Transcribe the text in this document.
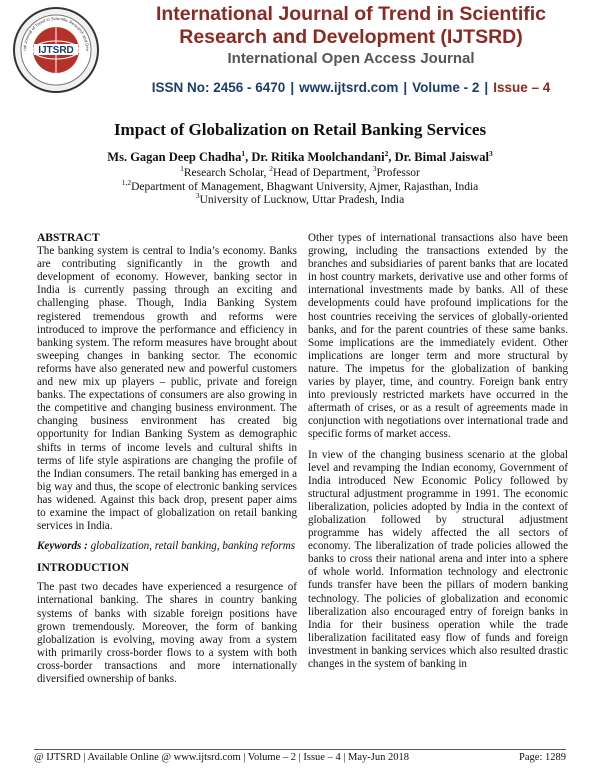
IJTSRD
nal Journal of Trend in Scientific Research and Dev
International Journal of Trend in Scientific
Research and Development (IJTSRD)
International Open Access Journal
ISSN No: 2456 - 6470 | www.ijtsrd.com | Volume - 2 | Issue – 4
Impact of Globalization on Retail Banking Services
Ms. Gagan Deep Chadha$^1$, Dr. Ritika Moolchandani$^2$, Dr. Bimal Jaiswal$^3$
$^1$Research Scholar, $^2$Head of Department, $^3$Professor
$^{1,2}$Department of Management, Bhagwant University, Ajmer, Rajasthan, India
$^3$University of Lucknow, Uttar Pradesh, India
ABSTRACT

The banking system is central to India’s economy. Banks are contributing significantly in the growth and development of economy. However, banking sector in India is currently passing through an exciting and challenging phase. Though, India Banking System registered tremendous growth and reforms were introduced to improve the performance and efficiency in banking system. The reform measures have brought about sweeping changes in banking sector. The economic reforms have also generated new and powerful customers and new mix up players – public, private and foreign banks. The expectations of consumers are also growing in the competitive and changing business environment. The changing business environment has created big opportunity for Indian Banking System as demographic shifts in terms of income levels and cultural shifts in terms of life style aspirations are changing the profile of the Indian consumers. The retail banking has emerged in a big way and thus, the scope of electronic banking services has widened. Against this back drop, present paper aims to examine the impact of globalization on retail banking services in India.

Keywords : globalization, retail banking, banking reforms

INTRODUCTION

The past two decades have experienced a resurgence of international banking. The shares in country banking systems of banks with sizable foreign positions have grown tremendously. Moreover, the form of banking globalization is evolving, moving away from a system with primarily cross-border flows to a system with both cross-border transactions and more internationally diversified ownership of banks.

Other types of international transactions also have been growing, including the transactions extended by the branches and subsidiaries of parent banks that are located in host country markets, derivative use and other forms of international investments made by banks. All of these developments could have profound implications for the host countries receiving the services of globally-oriented banks, and for the parent countries of these same banks. Some implications are the immediately evident. Other implications are longer term and more structural by nature. The impetus for the globalization of banking varies by player, time, and country. Foreign bank entry into previously restricted markets have occurred in the aftermath of crises, or as a result of agreements made in conjunction with negotiations over international trade and specific forms of market access.

In view of the changing business scenario at the global level and revamping the Indian economy, Government of India introduced New Economic Policy followed by structural adjustment programme in 1991. The economic liberalization, policies adopted by India in the context of globalization followed by structural adjustment programme has widely affected the all sectors of economy. The liberalization of trade policies allowed the banks to cross their national arena and inter into a sphere of whole world. Information technology and electronic funds transfer have been the pillars of modern banking technology. The policies of globalization and economic liberalization also encouraged entry of foreign banks in India for their business operation while the trade liberalization facilitated easy flow of funds and foreign investment in banking services which also resulted drastic changes in the system of banking in

@ IJTSRD | Available Online @ www.ijtsrd.com | Volume – 2 | Issue – 4 | May-Jun 2018	Page: 1289
